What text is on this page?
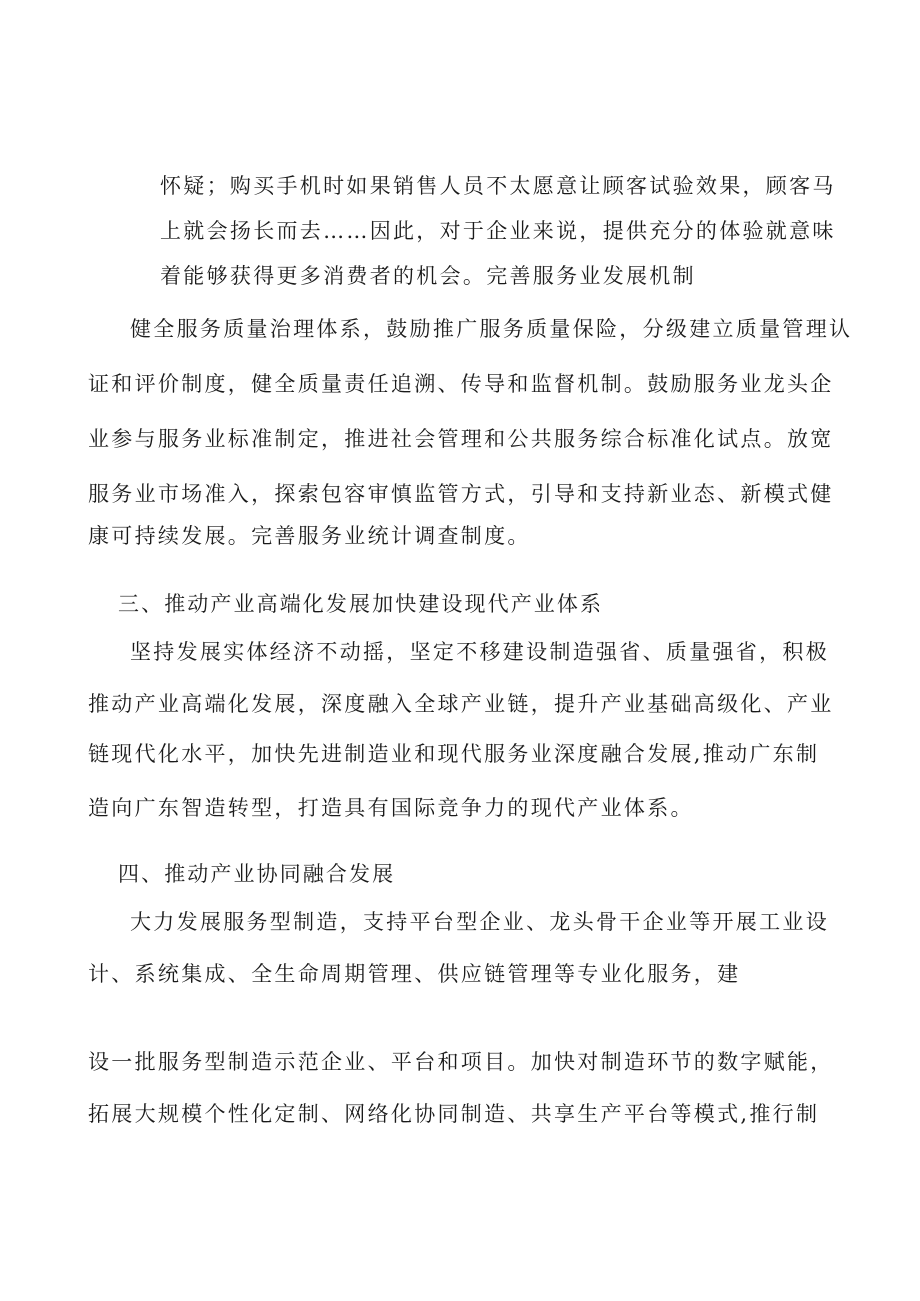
怀疑；购买手机时如果销售人员不太愿意让顾客试验效果，顾客马
上就会扬长而去……因此，对于企业来说，提供充分的体验就意味
着能够获得更多消费者的机会。完善服务业发展机制
健全服务质量治理体系，鼓励推广服务质量保险，分级建立质量管理认
证和评价制度，健全质量责任追溯、传导和监督机制。鼓励服务业龙头企
业参与服务业标准制定，推进社会管理和公共服务综合标准化试点。放宽
服务业市场准入，探索包容审慎监管方式，引导和支持新业态、新模式健
康可持续发展。完善服务业统计调查制度。
三、推动产业高端化发展加快建设现代产业体系
坚持发展实体经济不动摇，坚定不移建设制造强省、质量强省，积极
推动产业高端化发展，深度融入全球产业链，提升产业基础高级化、产业
链现代化水平，加快先进制造业和现代服务业深度融合发展,推动广东制
造向广东智造转型，打造具有国际竞争力的现代产业体系。
四、推动产业协同融合发展
大力发展服务型制造，支持平台型企业、龙头骨干企业等开展工业设
计、系统集成、全生命周期管理、供应链管理等专业化服务，建
设一批服务型制造示范企业、平台和项目。加快对制造环节的数字赋能，
拓展大规模个性化定制、网络化协同制造、共享生产平台等模式,推行制
